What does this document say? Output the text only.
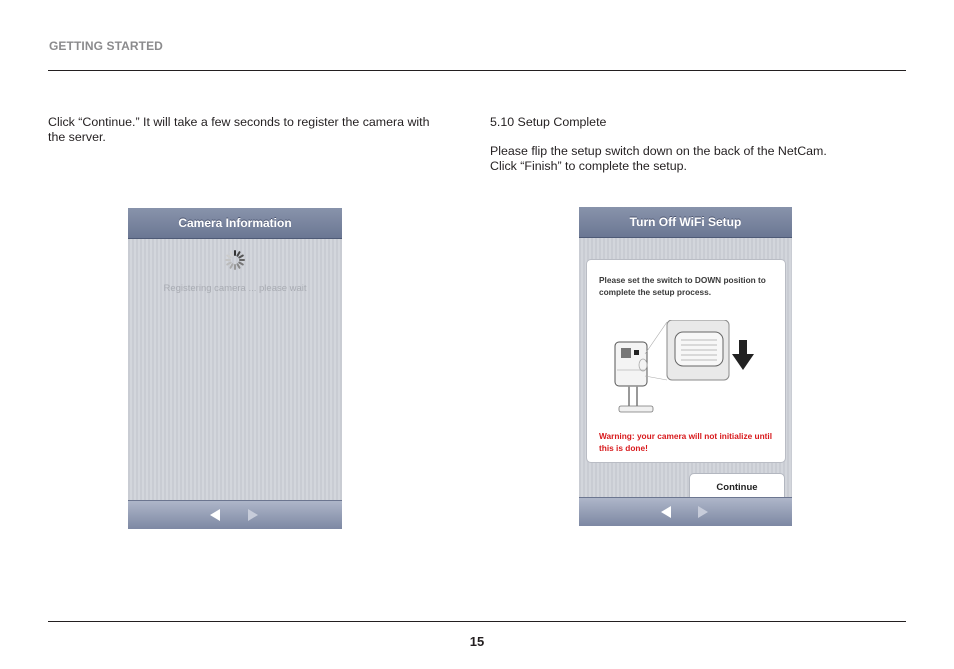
GETTING STARTED

Click “Continue.” It will take a few seconds to register the camera with the server.

5.10 Setup Complete

Please flip the setup switch down on the back of the NetCam.

Click “Finish” to complete the setup.

Camera Information
Registering camera ... please wait
Turn Off WiFi Setup
Please set the switch to DOWN position to complete the setup process.
Warning: your camera will not initialize until this is done!
Continue
15
